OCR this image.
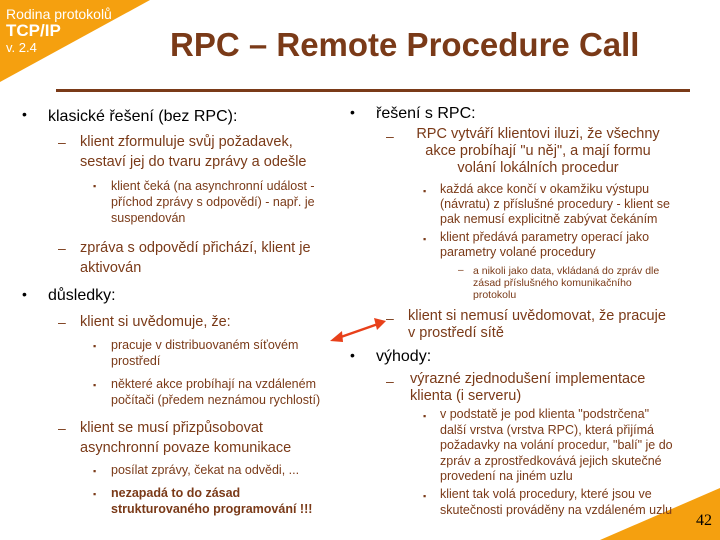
Rodina protokolů
TCP/IP
v. 2.4	RPC – Remote Procedure Call
• klasické řešení (bez RPC):
– klient zformuluje svůj požadavek,
sestaví jej do tvaru zprávy a odešle
▪ klient čeká (na asynchronní událost -
příchod zprávy s odpovědí) - např. je
suspendován
– zpráva s odpovědí přichází, klient je
aktivován
• důsledky:
– klient si uvědomuje, že:
▪ pracuje v distribuovaném síťovém
prostředí
▪ některé akce probíhají na vzdáleném
počítači (předem neznámou rychlostí)
– klient se musí přizpůsobovat
asynchronní povaze komunikace
▪ posílat zprávy, čekat na odvědi, ...
▪ nezapadá to do zásad
strukturovaného programování !!!
• řešení s RPC:
–	RPC vytváří klientovi iluzi, že všechny
akce probíhají "u něj", a mají formu
volání lokálních procedur
▪ každá akce končí v okamžiku výstupu
(návratu) z příslušné procedury - klient se
pak nemusí explicitně zabývat čekáním
▪ klient předává parametry operací jako
parametry volané procedury
– a nikoli jako data, vkládaná do zpráv dle
zásad příslušného komunikačního
protokolu
– klient si nemusí uvědomovat, že pracuje
v prostředí sítě
• výhody:
– výrazné zjednodušení implementace
klienta (i serveru)
▪ v podstatě je pod klienta "podstrčena"
další vrstva (vrstva RPC), která přijímá
požadavky na volání procedur, "balí" je do
zpráv a zprostředkovává jejich skutečné
provedení na jiném uzlu
▪ klient tak volá procedury, které jsou ve
skutečnosti prováděny na vzdáleném uzlu
42
